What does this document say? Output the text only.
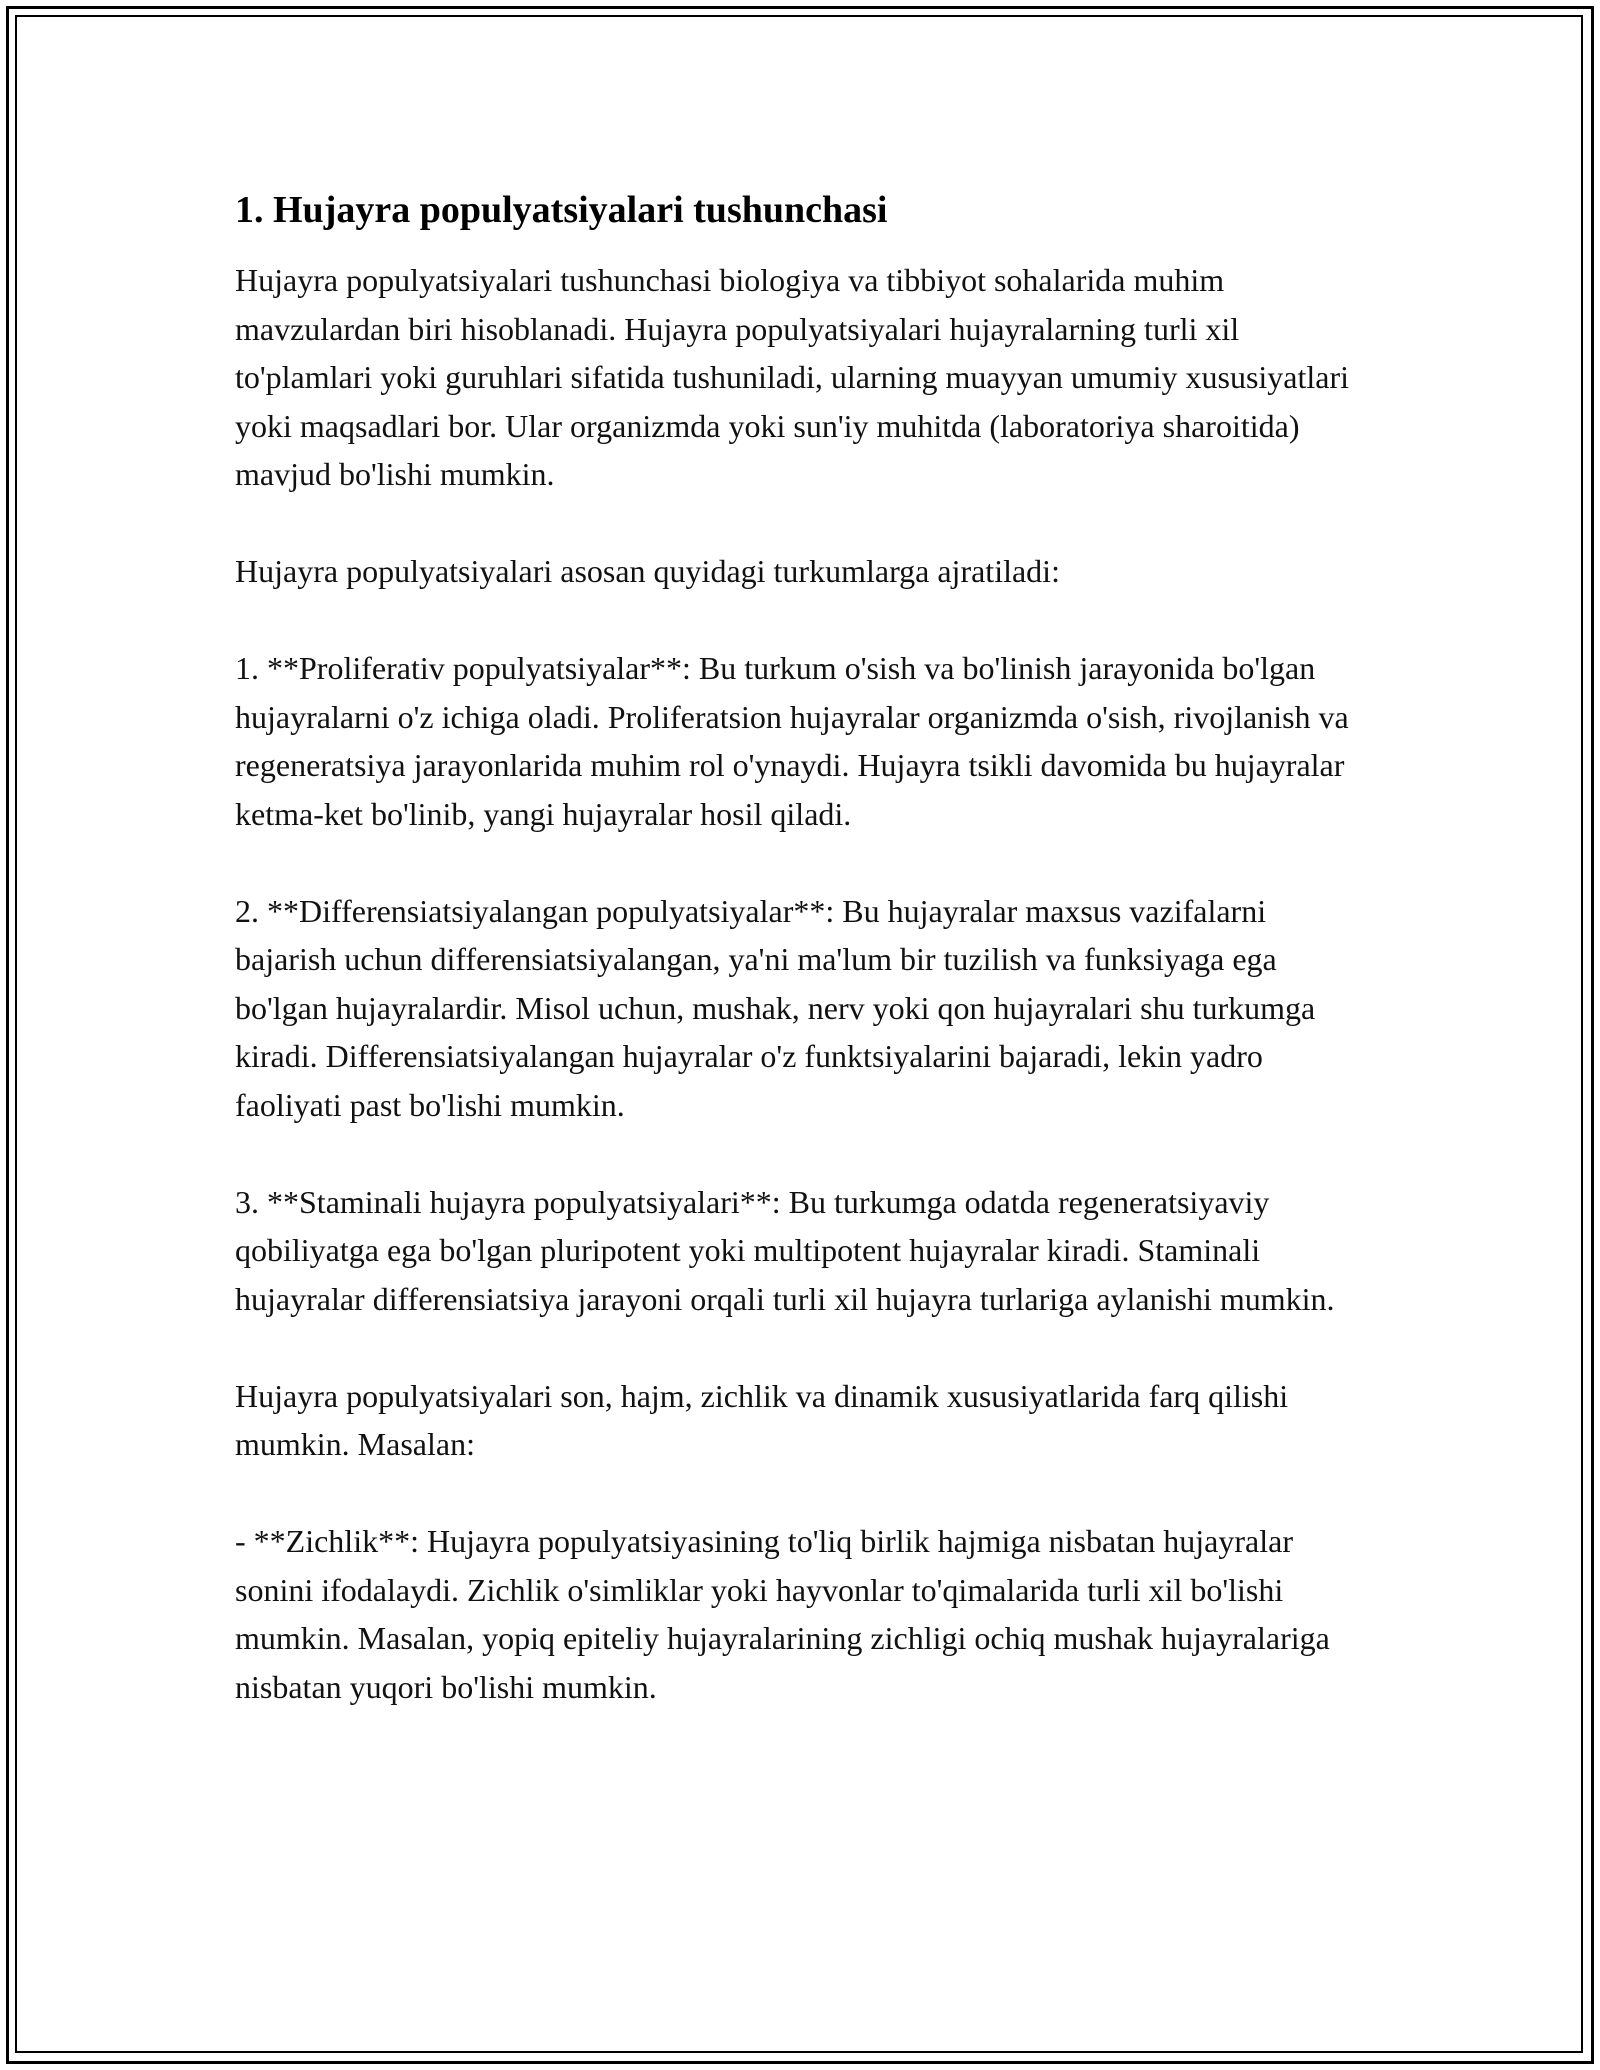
1. Hujayra populyatsiyalari tushunchasi

Hujayra populyatsiyalari tushunchasi biologiya va tibbiyot sohalarida muhim mavzulardan biri hisoblanadi. Hujayra populyatsiyalari hujayralarning turli xil to'plamlari yoki guruhlari sifatida tushuniladi, ularning muayyan umumiy xususiyatlari yoki maqsadlari bor. Ular organizmda yoki sun'iy muhitda (laboratoriya sharoitida) mavjud bo'lishi mumkin.

Hujayra populyatsiyalari asosan quyidagi turkumlarga ajratiladi:

1. **Proliferativ populyatsiyalar**: Bu turkum o'sish va bo'linish jarayonida bo'lgan hujayralarni o'z ichiga oladi. Proliferatsion hujayralar organizmda o'sish, rivojlanish va regeneratsiya jarayonlarida muhim rol o'ynaydi. Hujayra tsikli davomida bu hujayralar ketma-ket bo'linib, yangi hujayralar hosil qiladi.

2. **Differensiatsiyalangan populyatsiyalar**: Bu hujayralar maxsus vazifalarni bajarish uchun differensiatsiyalangan, ya'ni ma'lum bir tuzilish va funksiyaga ega bo'lgan hujayralardir. Misol uchun, mushak, nerv yoki qon hujayralari shu turkumga kiradi. Differensiatsiyalangan hujayralar o'z funktsiyalarini bajaradi, lekin yadro faoliyati past bo'lishi mumkin.

3. **Staminali hujayra populyatsiyalari**: Bu turkumga odatda regeneratsiyaviy qobiliyatga ega bo'lgan pluripotent yoki multipotent hujayralar kiradi. Staminali hujayralar differensiatsiya jarayoni orqali turli xil hujayra turlariga aylanishi mumkin.

Hujayra populyatsiyalari son, hajm, zichlik va dinamik xususiyatlarida farq qilishi mumkin. Masalan:

- **Zichlik**: Hujayra populyatsiyasining to'liq birlik hajmiga nisbatan hujayralar sonini ifodalaydi. Zichlik o'simliklar yoki hayvonlar to'qimalarida turli xil bo'lishi mumkin. Masalan, yopiq epiteliy hujayralarining zichligi ochiq mushak hujayralariga nisbatan yuqori bo'lishi mumkin.
